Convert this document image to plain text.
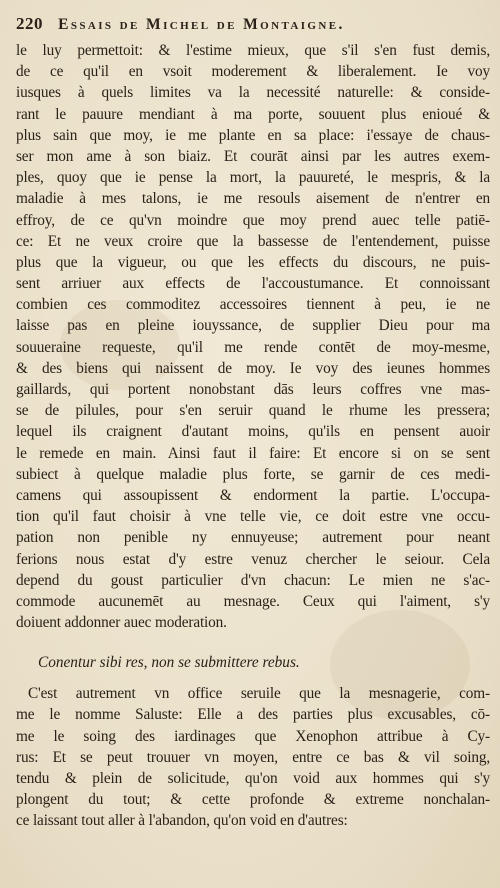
220 Essais de Michel de Montaigne.
le luy permettoit: & l'estime mieux, que s'il s'en fust demis,
de ce qu'il en vsoit moderement & liberalement. Ie voy
iusques à quels limites va la necessité naturelle: & conside-
rant le pauure mendiant à ma porte, souuent plus enioué &
plus sain que moy, ie me plante en sa place: i'essaye de chaus-
ser mon ame à son biaiz. Et courāt ainsi par les autres exem-
ples, quoy que ie pense la mort, la pauureté, le mespris, & la
maladie à mes talons, ie me resouls aisement de n'entrer en
effroy, de ce qu'vn moindre que moy prend auec telle patiē-
ce: Et ne veux croire que la bassesse de l'entendement, puisse
plus que la vigueur, ou que les effects du discours, ne puis-
sent arriuer aux effects de l'accoustumance. Et connoissant
combien ces commoditez accessoires tiennent à peu, ie ne
laisse pas en pleine iouyssance, de supplier Dieu pour ma
souueraine requeste, qu'il me rende contēt de moy-mesme,
& des biens qui naissent de moy. Ie voy des ieunes hommes
gaillards, qui portent nonobstant dās leurs coffres vne mas-
se de pilules, pour s'en seruir quand le rhume les pressera;
lequel ils craignent d'autant moins, qu'ils en pensent auoir
le remede en main. Ainsi faut il faire: Et encore si on se sent
subiect à quelque maladie plus forte, se garnir de ces medi-
camens qui assoupissent & endorment la partie. L'occupa-
tion qu'il faut choisir à vne telle vie, ce doit estre vne occu-
pation non penible ny ennuyeuse; autrement pour neant
ferions nous estat d'y estre venuz chercher le seiour. Cela
depend du goust particulier d'vn chacun: Le mien ne s'ac-
commode aucunemēt au mesnage. Ceux qui l'aiment, s'y
doiuent addonner auec moderation.
Conentur sibi res, non se submittere rebus.
C'est autrement vn office seruile que la mesnagerie, com-
me le nomme Saluste: Elle a des parties plus excusables, cō-
me le soing des iardinages que Xenophon attribue à Cy-
rus: Et se peut trouuer vn moyen, entre ce bas & vil soing,
tendu & plein de solicitude, qu'on void aux hommes qui s'y
plongent du tout; & cette profonde & extreme nonchalan-
ce laissant tout aller à l'abandon, qu'on void en d'autres:
